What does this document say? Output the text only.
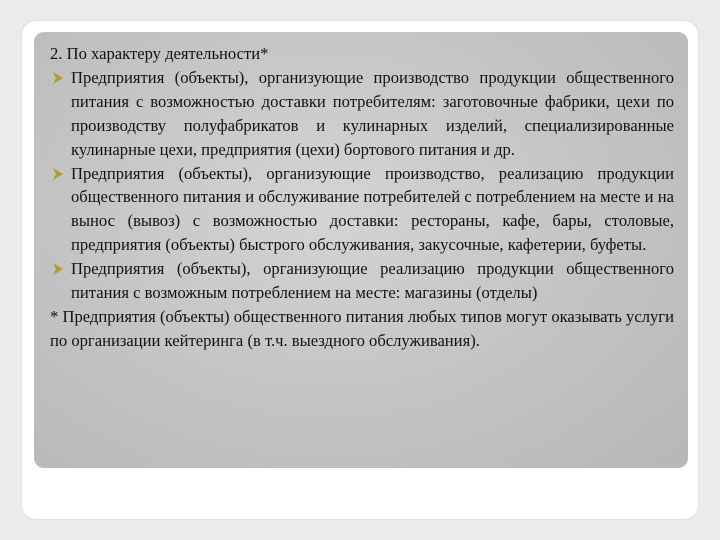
2. По характеру деятельности*

Предприятия (объекты), организующие производство продукции общественного питания с возможностью доставки потребителям: заготовочные фабрики, цехи по производству полуфабрикатов и кулинарных изделий, специализированные кулинарные цехи, предприятия (цехи) бортового питания и др.
Предприятия (объекты), организующие производство, реализацию продукции общественного питания и обслуживание потребителей с потреблением на месте и на вынос (вывоз) с возможностью доставки: рестораны, кафе, бары, столовые, предприятия (объекты) быстрого обслуживания, закусочные, кафетерии, буфеты.
Предприятия (объекты), организующие реализацию продукции общественного питания с возможным потреблением на месте: магазины (отделы)

* Предприятия (объекты) общественного питания любых типов могут оказывать услуги по организации кейтеринга (в т.ч. выездного обслуживания).
